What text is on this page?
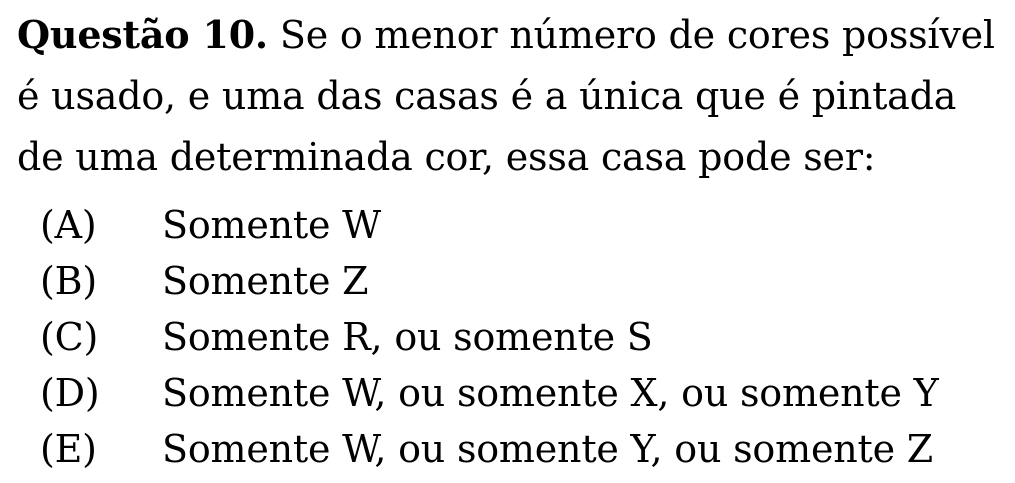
Questão 10. Se o menor número de cores possível é usado, e uma das casas é a única que é pintada de uma determinada cor, essa casa pode ser:
(A)	Somente W
(B)	Somente Z
(C)	Somente R, ou somente S
(D)	Somente W, ou somente X, ou somente Y
(E)	Somente W, ou somente Y, ou somente Z
